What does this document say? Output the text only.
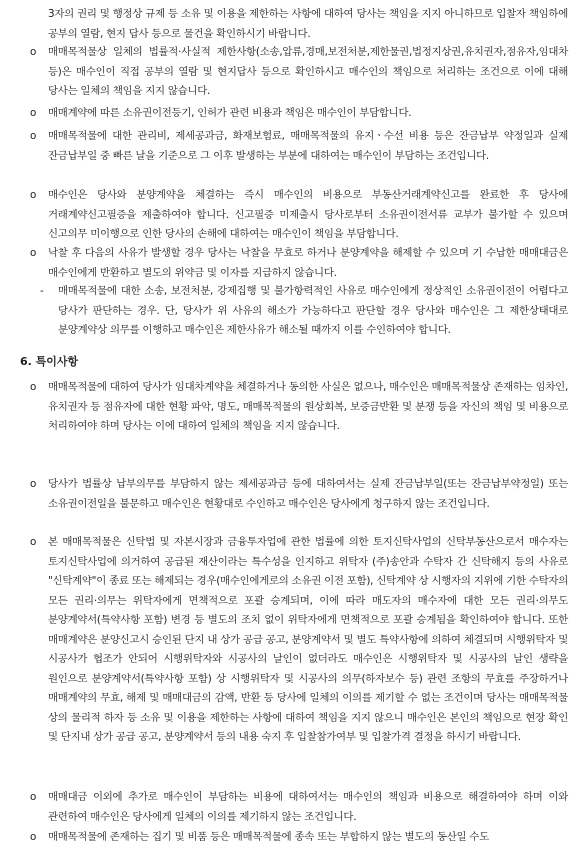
3자의 권리 및 행정상 규제 등 소유 및 이용을 제한하는 사항에 대하여 당사는 책임을 지지 아니하므로 입찰자 책임하에 공부의 열람, 현지 답사 등으로 물건을 확인하시기 바랍니다.
o	매매목적물상 일체의 법률적·사실적 제한사항(소송,압류,경매,보전처분,제한물권,법정지상권,유치권자,점유자,임대차 등)은 매수인이 직접 공부의 열람 및 현지답사 등으로 확인하시고 매수인의 책임으로 처리하는 조건으로 이에 대해 당사는 일체의 책임을 지지 않습니다.
o	매매계약에 따른 소유권이전등기, 인허가 관련 비용과 책임은 매수인이 부담합니다.
o	매매목적물에 대한 관리비, 제세공과금, 화재보험료, 매매목적물의 유지ㆍ수선 비용 등은 잔금납부 약정일과 실제 잔금납부일 중 빠른 날을 기준으로 그 이후 발생하는 부분에 대하여는 매수인이 부담하는 조건입니다.
o	매수인은 당사와 분양계약을 체결하는 즉시 매수인의 비용으로 부동산거래계약신고를 완료한 후 당사에 거래계약신고필증을 제출하여야 합니다. 신고필증 미제출시 당사로부터 소유권이전서류 교부가 불가할 수 있으며 신고의무 미이행으로 인한 당사의 손해에 대하여는 매수인이 책임을 부담합니다.
o	낙찰 후 다음의 사유가 발생할 경우 당사는 낙찰을 무효로 하거나 분양계약을 해제할 수 있으며 기 수납한 매매대금은 매수인에게 반환하고 별도의 위약금 및 이자를 지급하지 않습니다.
-	매매목적물에 대한 소송, 보전처분, 강제집행 및 불가항력적인 사유로 매수인에게 정상적인 소유권이전이 어렵다고 당사가 판단하는 경우. 단, 당사가 위 사유의 해소가 가능하다고 판단할 경우 당사와 매수인은 그 제한상태대로 분양계약상 의무를 이행하고 매수인은 제한사유가 해소될 때까지 이를 수인하여야 합니다.
6. 특이사항
o	매매목적물에 대하여 당사가 임대차계약을 체결하거나 동의한 사실은 없으나, 매수인은 매매목적물상 존재하는 임차인, 유치권자 등 점유자에 대한 현황 파악, 명도, 매매목적물의 원상회복, 보증금반환 및 분쟁 등을 자신의 책임 및 비용으로 처리하여야 하며 당사는 이에 대하여 일체의 책임을 지지 않습니다.
o	당사가 법률상 납부의무를 부담하지 않는 제세공과금 등에 대하여서는 실제 잔금납부일(또는 잔금납부약정일) 또는 소유권이전일을 불문하고 매수인은 현황대로 수인하고 매수인은 당사에게 청구하지 않는 조건입니다.
o	본 매매목적물은 신탁법 및 자본시장과 금융투자업에 관한 법률에 의한 토지신탁사업의 신탁부동산으로서 매수자는 토지신탁사업에 의거하여 공급된 재산이라는 특수성을 인지하고 위탁자 (주)송안과 수탁자 간 신탁해지 등의 사유로 "신탁계약"이 종료 또는 해제되는 경우(매수인에게로의 소유권 이전 포함), 신탁계약 상 시행자의 지위에 기한 수탁자의 모든 권리·의무는 위탁자에게 면책적으로 포괄 승계되며, 이에 따라 매도자의 매수자에 대한 모든 권리·의무도 분양계약서(특약사항 포함) 변경 등 별도의 조치 없이 위탁자에게 면책적으로 포괄 승계됨을 확인하여야 합니다. 또한 매매계약은 분양신고시 승인된 단지 내 상가 공급 공고, 분양계약서 및 별도 특약사항에 의하여 체결되며 시행위탁자 및 시공사가 협조가 안되어 시행위탁자와 시공사의 날인이 없더라도 매수인은 시행위탁자 및 시공사의 날인 생략을 원인으로 분양계약서(특약사항 포함) 상 시행위탁자 및 시공사의 의무(하자보수 등) 관련 조항의 무효를 주장하거나 매매계약의 무효, 해제 및 매매대금의 감액, 반환 등 당사에 일체의 이의를 제기할 수 없는 조건이며 당사는 매매목적물 상의 물리적 하자 등 소유 및 이용을 제한하는 사항에 대하여 책임을 지지 않으니 매수인은 본인의 책임으로 현장 확인 및 단지내 상가 공급 공고, 분양계약서 등의 내용 숙지 후 입찰참가여부 및 입찰가격 결정을 하시기 바랍니다.
o	매매대금 이외에 추가로 매수인이 부담하는 비용에 대하여서는 매수인의 책임과 비용으로 해결하여야 하며 이와 관련하여 매수인은 당사에게 일체의 이의를 제기하지 않는 조건입니다.
o	매매목적물에 존재하는 집기 및 비품 등은 매매목적물에 종속 또는 부합하지 않는 별도의 동산일 수도
